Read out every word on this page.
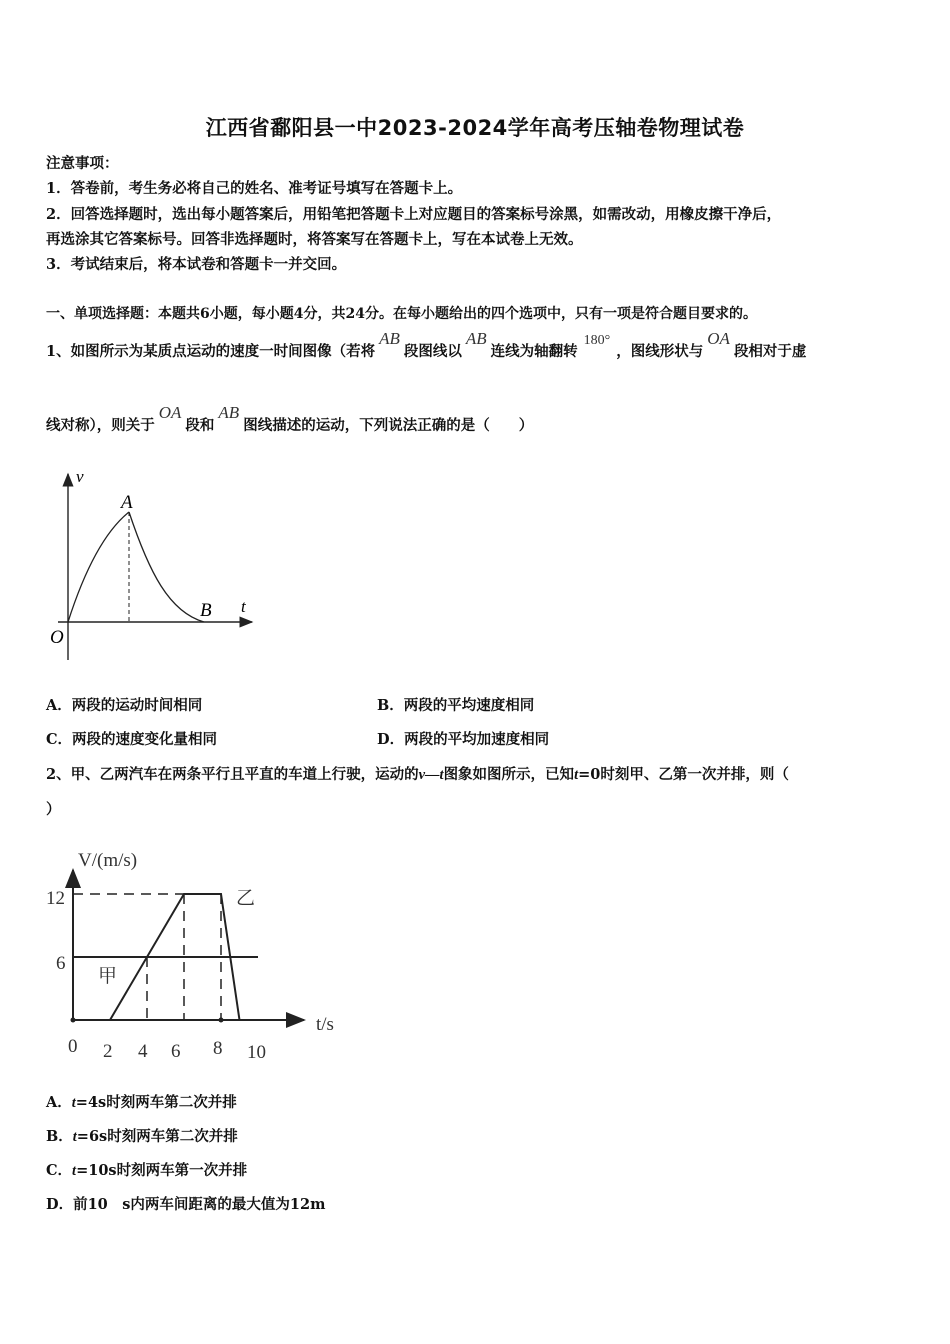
江西省鄱阳县一中2023-2024学年高考压轴卷物理试卷
注意事项：
1．答卷前，考生务必将自己的姓名、准考证号填写在答题卡上。
2．回答选择题时，选出每小题答案后，用铅笔把答题卡上对应题目的答案标号涂黑，如需改动，用橡皮擦干净后，
再选涂其它答案标号。回答非选择题时，将答案写在答题卡上，写在本试卷上无效。
3．考试结束后，将本试卷和答题卡一并交回。
一、单项选择题：本题共6小题，每小题4分，共24分。在每小题给出的四个选项中，只有一项是符合题目要求的。
1、如图所示为某质点运动的速度一时间图像（若将AB段图线以AB连线为轴翻转180°，图线形状与OA段相对于虚
线对称），则关于OA段和AB图线描述的运动，下列说法正确的是（　　）
v
t
O
A
B
A．两段的运动时间相同	B．两段的平均速度相同
C．两段的速度变化量相同	D．两段的平均加速度相同
2、甲、乙两汽车在两条平行且平直的车道上行驶，运动的v—t图象如图所示，已知t=0时刻甲、乙第一次并排，则（
）
V/(m/s)
t/s
12
6
0 2 4 6 8 10
甲
乙
A．t=4s时刻两车第二次并排
B．t=6s时刻两车第二次并排
C．t=10s时刻两车第一次并排
D．前10　s内两车间距离的最大值为12m
